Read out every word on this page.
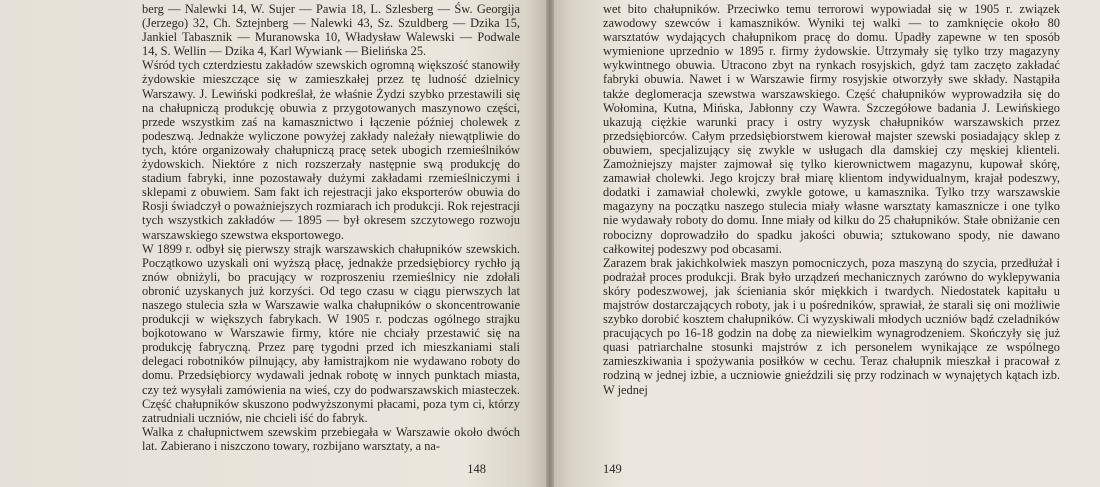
berg — Nalewki 14, W. Sujer — Pawia 18, L. Szlesberg — Św. Georgija (Jerzego) 32, Ch. Sztejnberg — Nalewki 43, Sz. Szuldberg — Dzika 15, Jankiel Tabasznik — Muranowska 10, Władysław Walewski — Podwale 14, S. Wellin — Dzika 4, Karl Wywiank — Bielińska 25.

Wśród tych czterdziestu zakładów szewskich ogromną większość stanowiły żydowskie mieszczące się w zamieszkałej przez tę ludność dzielnicy Warszawy. J. Lewiński podkreślał, że właśnie Żydzi szybko przestawili się na chałupniczą produkcję obuwia z przygotowanych maszynowo części, przede wszystkim zaś na kamasznictwo i łączenie później cholewek z podeszwą. Jednakże wyliczone powyżej zakłady należały niewątpliwie do tych, które organizowały chałupniczą pracę setek ubogich rzemieślników żydowskich. Niektóre z nich rozszerzały następnie swą produkcję do stadium fabryki, inne pozostawały dużymi zakładami rzemieślniczymi i sklepami z obuwiem. Sam fakt ich rejestracji jako eksporterów obuwia do Rosji świadczył o poważniejszych rozmiarach ich produkcji. Rok rejestracji tych wszystkich zakładów — 1895 — był okresem szczytowego rozwoju warszawskiego szewstwa eksportowego.

W 1899 r. odbył się pierwszy strajk warszawskich chałupników szewskich. Początkowo uzyskali oni wyższą płacę, jednakże przedsiębiorcy rychło ją znów obniżyli, bo pracujący w rozproszeniu rzemieślnicy nie zdołali obronić uzyskanych już korzyści. Od tego czasu w ciągu pierwszych lat naszego stulecia szła w Warszawie walka chałupników o skoncentrowanie produkcji w większych fabrykach. W 1905 r. podczas ogólnego strajku bojkotowano w Warszawie firmy, które nie chciały przestawić się na produkcję fabryczną. Przez parę tygodni przed ich mieszkaniami stali delegaci robotników pilnujący, aby łamistrajkom nie wydawano roboty do domu. Przedsiębiorcy wydawali jednak robotę w innych punktach miasta, czy też wysyłali zamówienia na wieś, czy do podwarszawskich miasteczek. Część chałupników skuszono podwyższonymi płacami, poza tym ci, którzy zatrudniali uczniów, nie chcieli iść do fabryk.

Walka z chałupnictwem szewskim przebiegała w Warszawie około dwóch lat. Zabierano i niszczono towary, rozbijano warsztaty, a na-

148

wet bito chałupników. Przeciwko temu terrorowi wypowiadał się w 1905 r. związek zawodowy szewców i kamaszników. Wyniki tej walki — to zamknięcie około 80 warsztatów wydających chałupnikom pracę do domu. Upadły zapewne w ten sposób wymienione uprzednio w 1895 r. firmy żydowskie. Utrzymały się tylko trzy magazyny wykwintnego obuwia. Utracono zbyt na rynkach rosyjskich, gdyż tam zaczęto zakładać fabryki obuwia. Nawet i w Warszawie firmy rosyjskie otworzyły swe składy. Nastąpiła także deglomeracja szewstwa warszawskiego. Część chałupników wyprowadziła się do Wołomina, Kutna, Mińska, Jabłonny czy Wawra. Szczegółowe badania J. Lewińskiego ukazują ciężkie warunki pracy i ostry wyzysk chałupników warszawskich przez przedsiębiorców. Całym przedsiębiorstwem kierował majster szewski posiadający sklep z obuwiem, specjalizujący się zwykle w usługach dla damskiej czy męskiej klienteli. Zamożniejszy majster zajmował się tylko kierownictwem magazynu, kupował skórę, zamawiał cholewki. Jego krojczy brał miarę klientom indywidualnym, krajał podeszwy, dodatki i zamawiał cholewki, zwykle gotowe, u kamasznika. Tylko trzy warszawskie magazyny na początku naszego stulecia miały własne warsztaty kamasznicze i one tylko nie wydawały roboty do domu. Inne miały od kilku do 25 chałupników. Stałe obniżanie cen robocizny doprowadziło do spadku jakości obuwia; sztukowano spody, nie dawano całkowitej podeszwy pod obcasami.

Zarazem brak jakichkolwiek maszyn pomocniczych, poza maszyną do szycia, przedłużał i podrażał proces produkcji. Brak było urządzeń mechanicznych zarówno do wyklepywania skóry podeszwowej, jak ścieniania skór miękkich i twardych. Niedostatek kapitału u majstrów dostarczających roboty, jak i u pośredników, sprawiał, że starali się oni możliwie szybko dorobić kosztem chałupników. Ci wyzyskiwali młodych uczniów bądź czeladników pracujących po 16-18 godzin na dobę za niewielkim wynagrodzeniem. Skończyły się już quasi patriarchalne stosunki majstrów z ich personelem wynikające ze wspólnego zamieszkiwania i spożywania posiłków w cechu. Teraz chałupnik mieszkał i pracował z rodziną w jednej izbie, a uczniowie gnieździli się przy rodzinach w wynajętych kątach izb. W jednej

149
